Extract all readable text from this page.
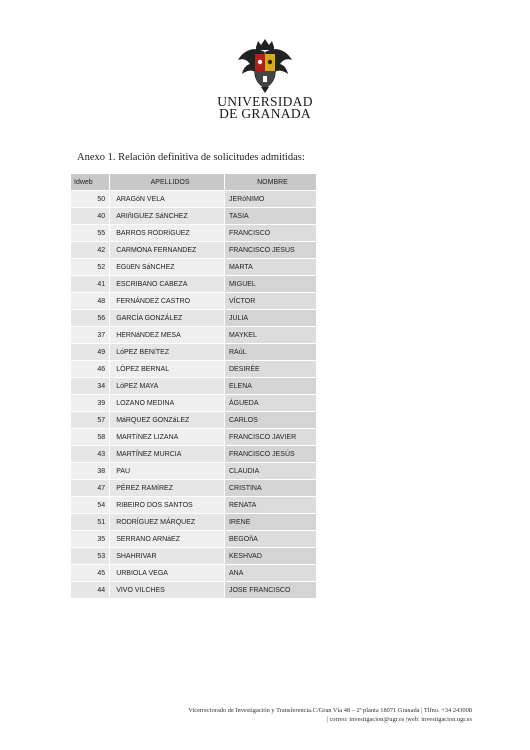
UNIVERSIDAD
DE GRANADA
Anexo 1. Relación definitiva de solicitudes admitidas:
Idweb	APELLIDOS	NOMBRE
50	ARAGóN VELA	JERóNIMO
40	ARIñIGUEZ SáNCHEZ	TASIA
55	BARROS RODRíGUEZ	FRANCISCO
42	CARMONA FERNANDEZ	FRANCISCO JESUS
52	EGüEN SáNCHEZ	MARTA
41	ESCRIBANO CABEZA	MIGUEL
48	FERNÁNDEZ CASTRO	VÍCTOR
56	GARCÍA GONZÁLEZ	JULIA
37	HERNáNDEZ MESA	MAYKEL
49	LóPEZ BENíTEZ	RAúL
46	LÓPEZ BERNAL	DESIRÉE
34	LóPEZ MAYA	ELENA
39	LOZANO MEDINA	ÁGUEDA
57	MáRQUEZ GONZáLEZ	CARLOS
58	MARTíNEZ LIZANA	FRANCISCO JAVIER
43	MARTÍNEZ MURCIA	FRANCISCO JESÚS
38	PAU	CLAUDIA
47	PÉREZ RAMíREZ	CRISTINA
54	RIBEIRO DOS SANTOS	RENATA
51	RODRÍGUEZ MÁRQUEZ	IRENE
35	SERRANO ARNáEZ	BEGOñA
53	SHAHRIVAR	KESHVAD
45	URBIOLA VEGA	ANA
44	VIVO VILCHES	JOSE FRANCISCO
Vicerrectorado de Investigación y Transferencia.C/Gran Vía 48 – 2ª planta 18071 Granada | Tlfno. +34 243008
| correo: investigacion@ugr.es |web: investigacion.ugr.es
